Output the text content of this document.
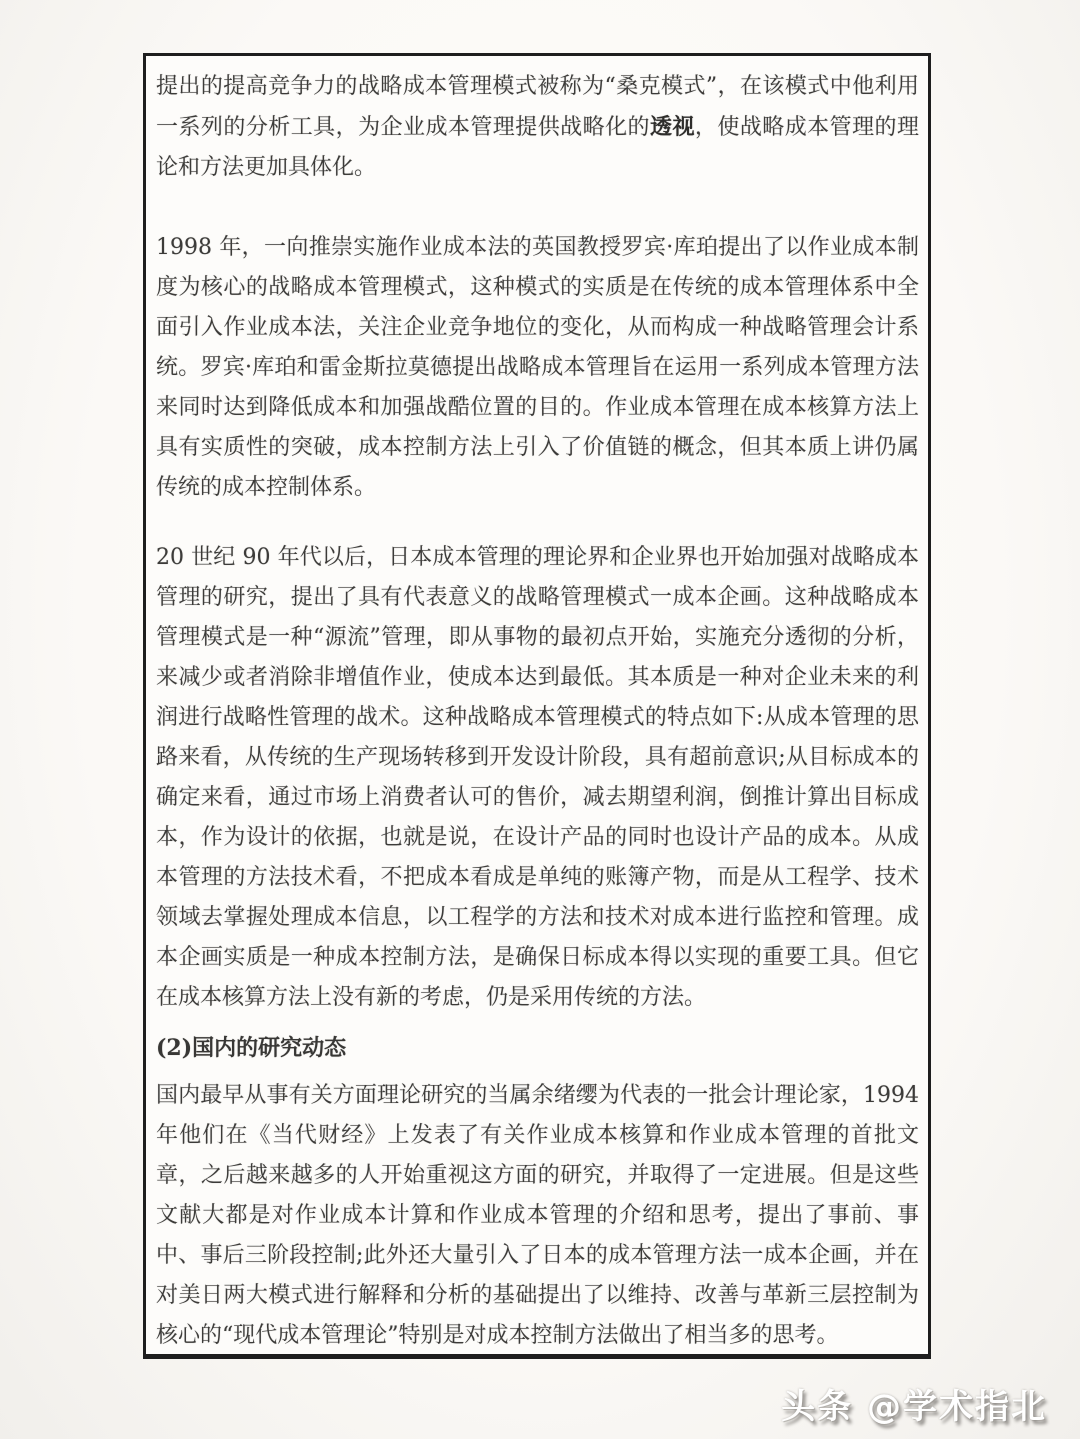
提出的提高竞争力的战略成本管理模式被称为“桑克模式”，在该模式中他利用一系列的分析工具，为企业成本管理提供战略化的透视，使战略成本管理的理论和方法更加具体化。

1998 年，一向推崇实施作业成本法的英国教授罗宾·库珀提出了以作业成本制度为核心的战略成本管理模式，这种模式的实质是在传统的成本管理体系中全面引入作业成本法，关注企业竞争地位的变化，从而构成一种战略管理会计系统。罗宾·库珀和雷金斯拉莫德提出战略成本管理旨在运用一系列成本管理方法来同时达到降低成本和加强战酷位置的目的。作业成本管理在成本核算方法上具有实质性的突破，成本控制方法上引入了价值链的概念，但其本质上讲仍属传统的成本控制体系。

20 世纪 90 年代以后，日本成本管理的理论界和企业界也开始加强对战略成本管理的研究，提出了具有代表意义的战略管理模式一成本企画。这种战略成本管理模式是一种“源流”管理，即从事物的最初点开始，实施充分透彻的分析，来减少或者消除非增值作业，使成本达到最低。其本质是一种对企业未来的利润进行战略性管理的战术。这种战略成本管理模式的特点如下:从成本管理的思路来看，从传统的生产现场转移到开发设计阶段，具有超前意识;从目标成本的确定来看，通过市场上消费者认可的售价，减去期望利润，倒推计算出目标成本，作为设计的依据，也就是说，在设计产品的同时也设计产品的成本。从成本管理的方法技术看，不把成本看成是单纯的账簿产物，而是从工程学、技术领域去掌握处理成本信息，以工程学的方法和技术对成本进行监控和管理。成本企画实质是一种成本控制方法，是确保日标成本得以实现的重要工具。但它在成本核算方法上没有新的考虑，仍是采用传统的方法。

(2)国内的研究动态

国内最早从事有关方面理论研究的当属余绪缨为代表的一批会计理论家，1994 年他们在《当代财经》上发表了有关作业成本核算和作业成本管理的首批文章，之后越来越多的人开始重视这方面的研究，并取得了一定进展。但是这些文献大都是对作业成本计算和作业成本管理的介绍和思考，提出了事前、事中、事后三阶段控制;此外还大量引入了日本的成本管理方法一成本企画，并在对美日两大模式进行解释和分析的基础提出了以维持、改善与革新三层控制为核心的“现代成本管理论”特别是对成本控制方法做出了相当多的思考。

头条 @学术指北
